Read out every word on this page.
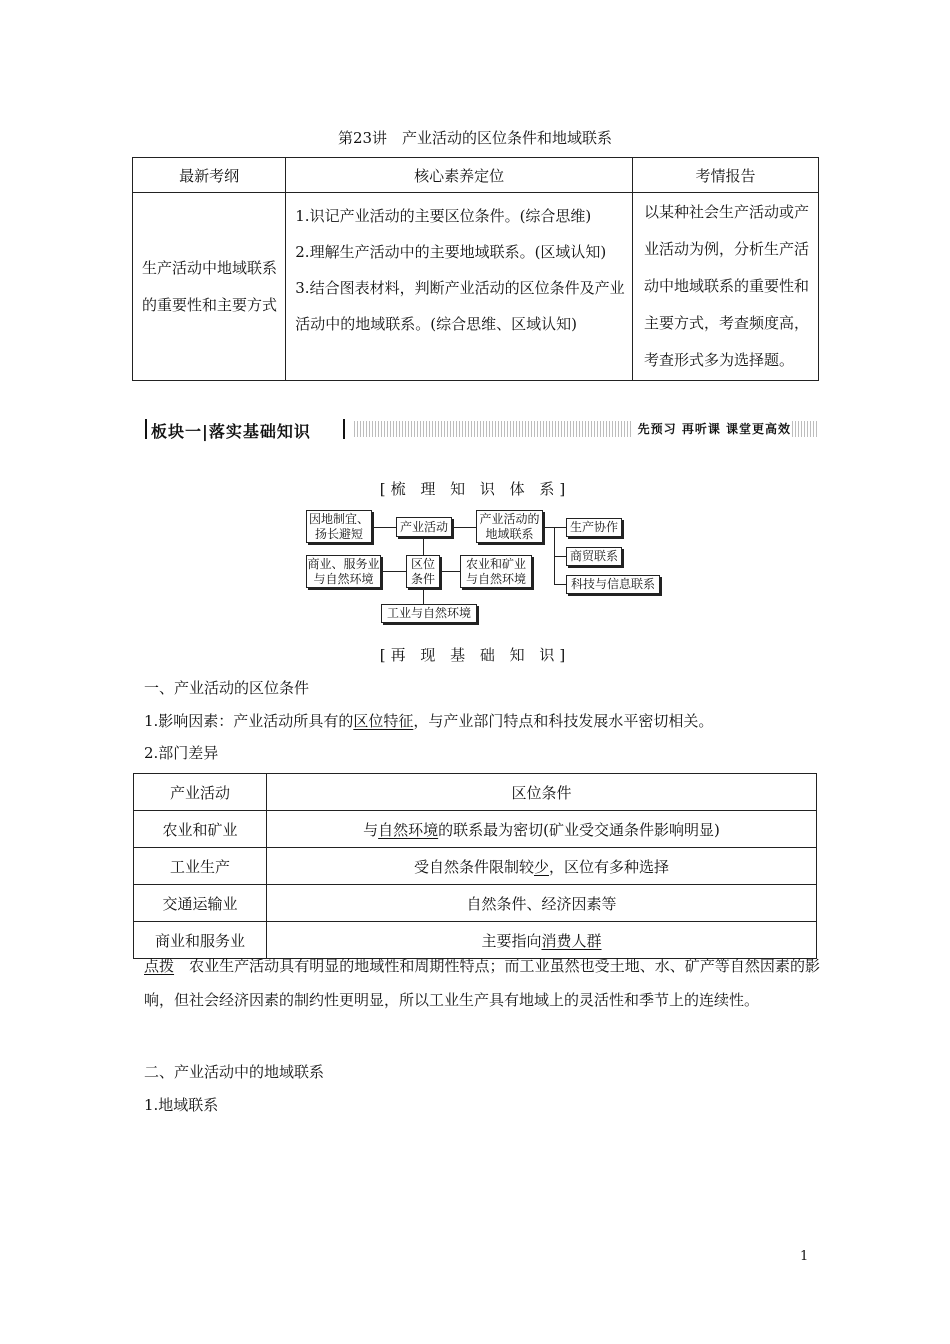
第23讲　产业活动的区位条件和地域联系
最新考纲	核心素养定位	考情报告

生产活动中地域联系的重要性和主要方式	1.识记产业活动的主要区位条件。(综合思维)
2.理解生产活动中的主要地域联系。(区域认知)
3.结合图表材料，判断产业活动的区位条件及产业活动中的地域联系。(综合思维、区域认知)	以某种社会生产活动或产业活动为例，分析生产活动中地域联系的重要性和主要方式，考查频度高，考查形式多为选择题。
板块一|落实基础知识	先预习 再听课 课堂更高效
[梳 理 知 识 体 系]
因地制宜、扬长避短	产业活动
产业活动的地域联系	生产协作
商贸联系
科技与信息联系
商业、服务业与自然环境
区位条件
农业和矿业与自然环境
工业与自然环境
[再 现 基 础 知 识]
一、产业活动的区位条件
1.影响因素：产业活动所具有的区位特征，与产业部门特点和科技发展水平密切相关。
2.部门差异
产业活动	区位条件
农业和矿业	与自然环境的联系最为密切(矿业受交通条件影响明显)
工业生产	受自然条件限制较少，区位有多种选择
交通运输业	自然条件、经济因素等
商业和服务业	主要指向消费人群
点拨　农业生产活动具有明显的地域性和周期性特点；而工业虽然也受土地、水、矿产等自然因素的影响，但社会经济因素的制约性更明显，所以工业生产具有地域上的灵活性和季节上的连续性。
二、产业活动中的地域联系
1.地域联系
1
